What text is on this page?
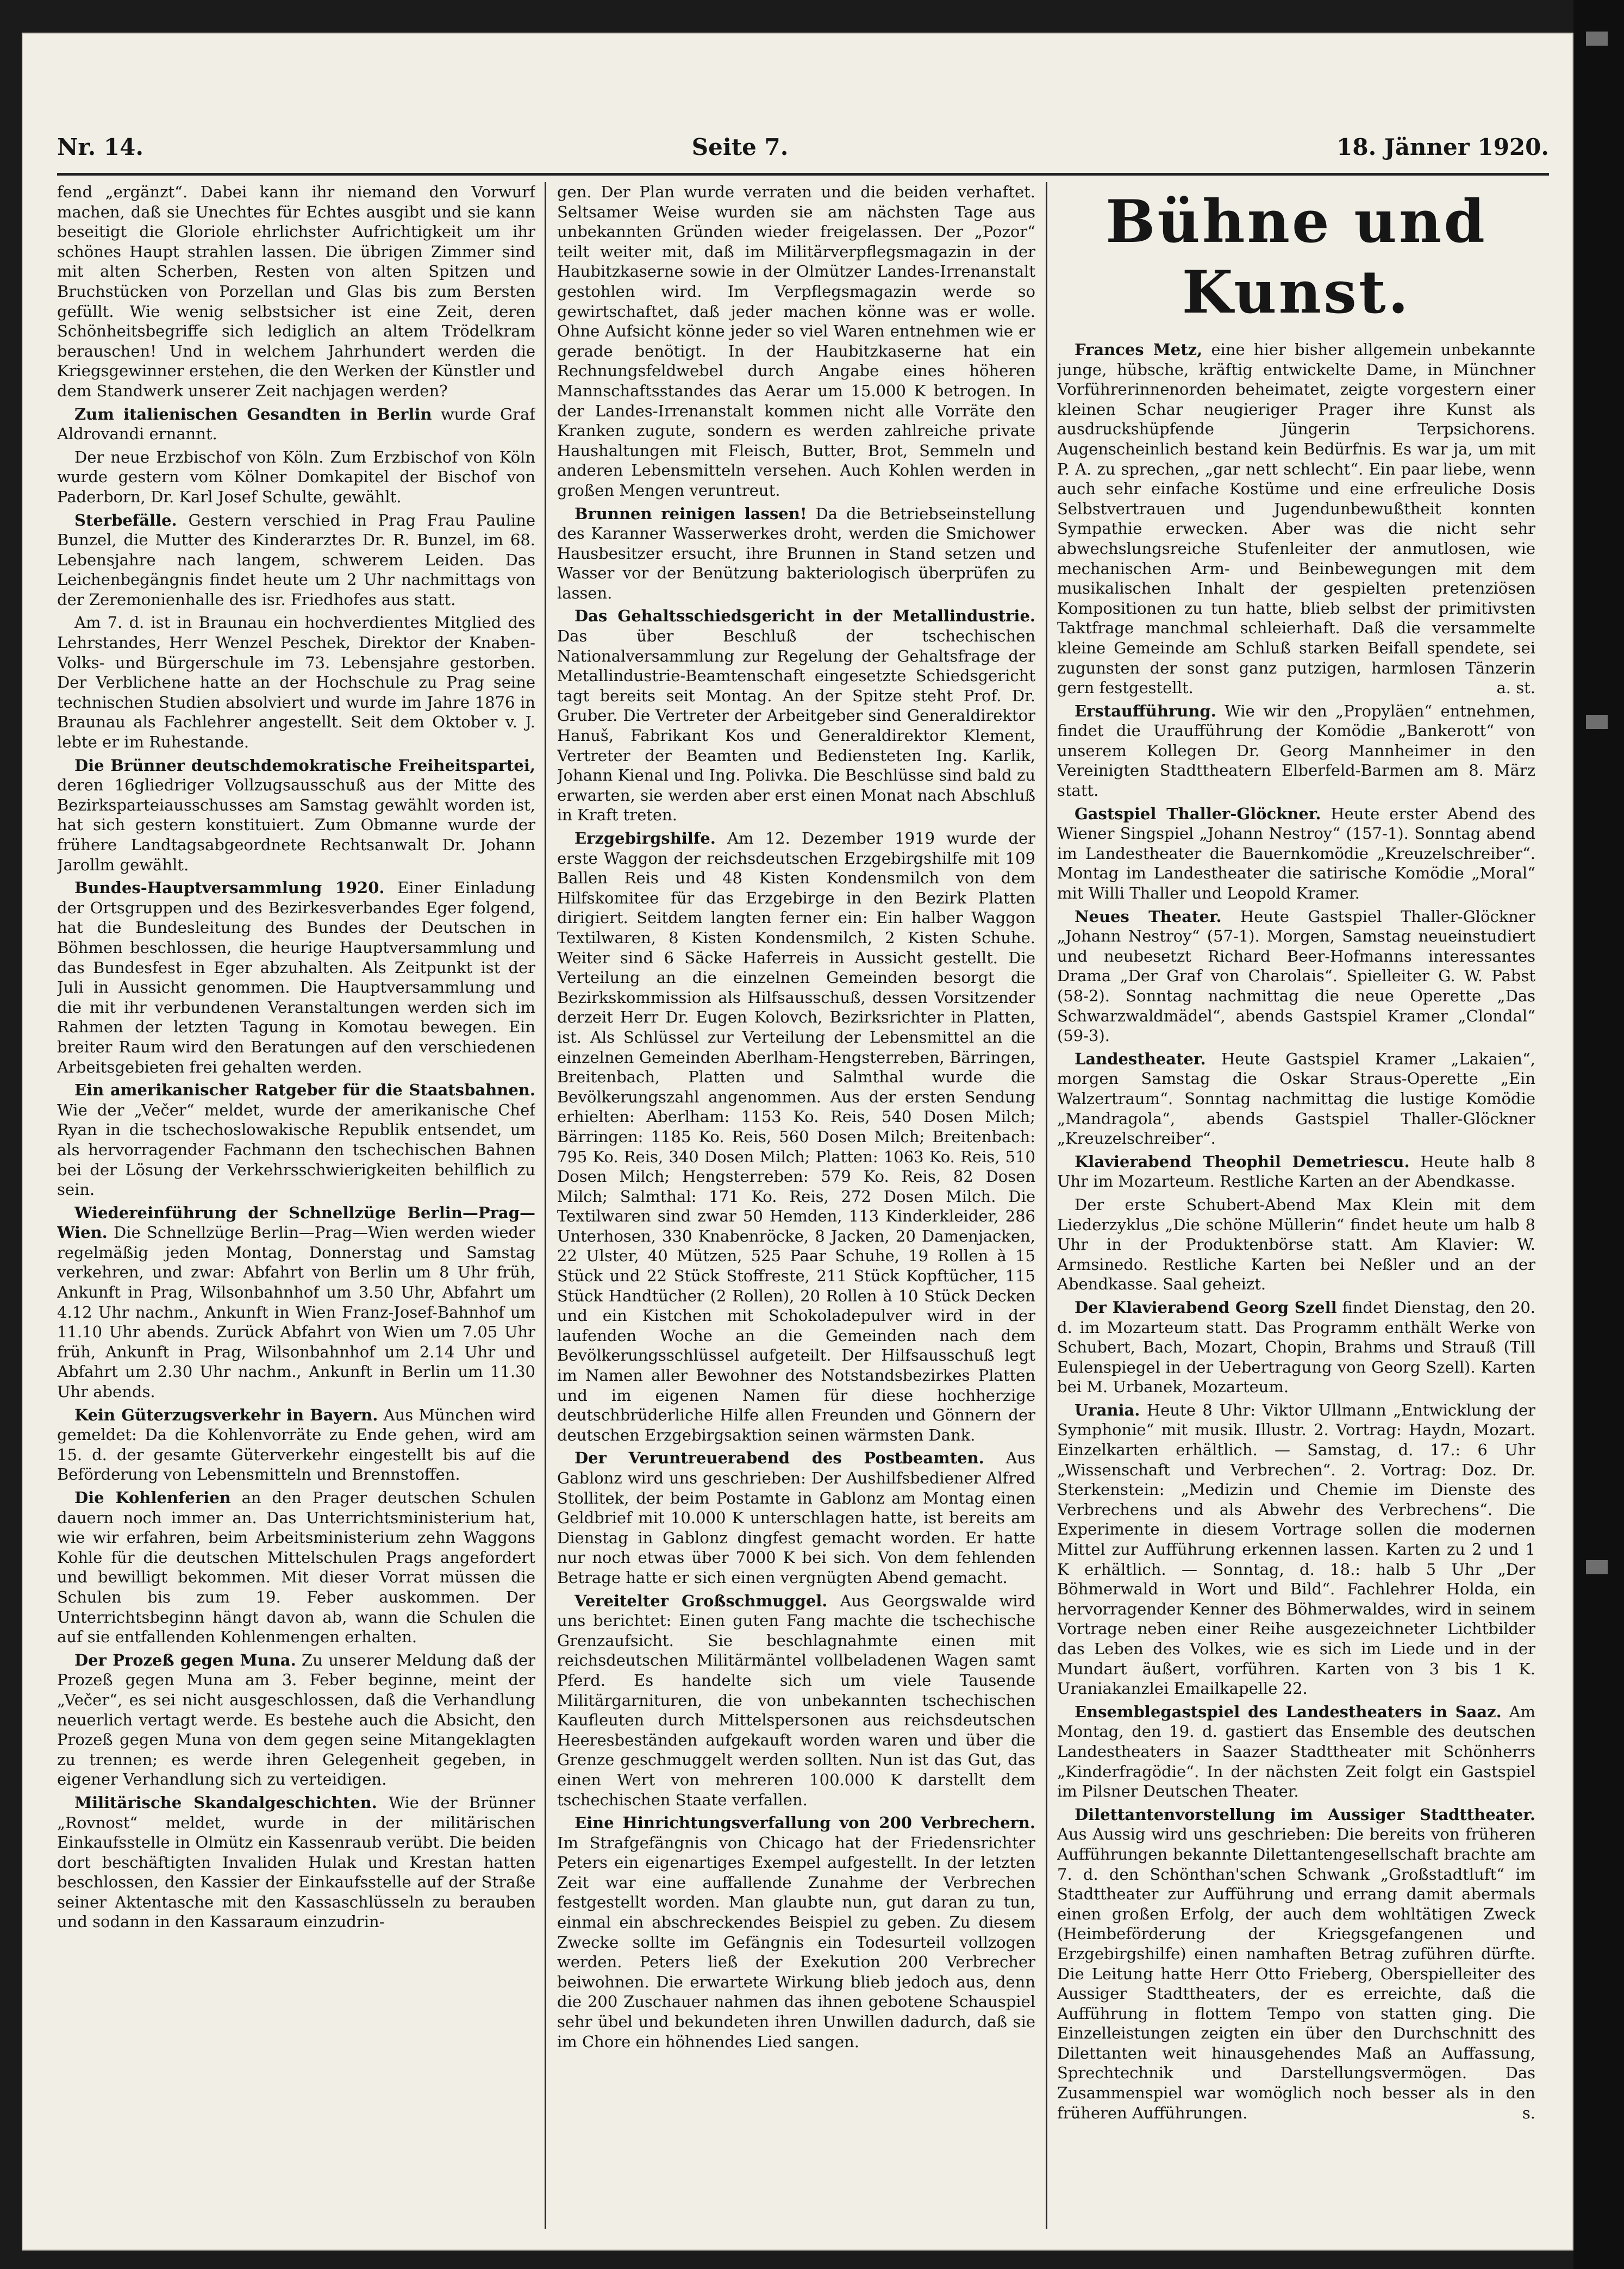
Nr. 14.	Seite 7.	18. Jänner 1920.

fend „ergänzt“. Dabei kann ihr niemand den Vorwurf machen, daß sie Unechtes für Echtes ausgibt und sie kann beseitigt die Gloriole ehrlichster Aufrichtigkeit um ihr schönes Haupt strahlen lassen. Die übrigen Zimmer sind mit alten Scherben, Resten von alten Spitzen und Bruchstücken von Porzellan und Glas bis zum Bersten gefüllt. Wie wenig selbstsicher ist eine Zeit, deren Schönheitsbegriffe sich lediglich an altem Trödelkram berauschen! Und in welchem Jahrhundert werden die Kriegsgewinner erstehen, die den Werken der Künstler und dem Standwerk unserer Zeit nachjagen werden?

Zum italienischen Gesandten in Berlin wurde Graf Aldrovandi ernannt.

Der neue Erzbischof von Köln. Zum Erzbischof von Köln wurde gestern vom Kölner Domkapitel der Bischof von Paderborn, Dr. Karl Josef Schulte, gewählt.

Sterbefälle. Gestern verschied in Prag Frau Pauline Bunzel, die Mutter des Kinderarztes Dr. R. Bunzel, im 68. Lebensjahre nach langem, schwerem Leiden. Das Leichenbegängnis findet heute um 2 Uhr nachmittags von der Zeremonienhalle des isr. Friedhofes aus statt.

Am 7. d. ist in Braunau ein hochverdientes Mitglied des Lehrstandes, Herr Wenzel Peschek, Direktor der Knaben-Volks- und Bürgerschule im 73. Lebensjahre gestorben. Der Verblichene hatte an der Hochschule zu Prag seine technischen Studien absolviert und wurde im Jahre 1876 in Braunau als Fachlehrer angestellt. Seit dem Oktober v. J. lebte er im Ruhestande.

Die Brünner deutschdemokratische Freiheitspartei, deren 16gliedriger Vollzugsausschuß aus der Mitte des Bezirksparteiausschusses am Samstag gewählt worden ist, hat sich gestern konstituiert. Zum Obmanne wurde der frühere Landtagsabgeordnete Rechtsanwalt Dr. Johann Jarollm gewählt.

Bundes-Hauptversammlung 1920. Einer Einladung der Ortsgruppen und des Bezirkesverbandes Eger folgend, hat die Bundesleitung des Bundes der Deutschen in Böhmen beschlossen, die heurige Hauptversammlung und das Bundesfest in Eger abzuhalten. Als Zeitpunkt ist der Juli in Aussicht genommen. Die Hauptversammlung und die mit ihr verbundenen Veranstaltungen werden sich im Rahmen der letzten Tagung in Komotau bewegen. Ein breiter Raum wird den Beratungen auf den verschiedenen Arbeitsgebieten frei gehalten werden.

Ein amerikanischer Ratgeber für die Staatsbahnen. Wie der „Večer“ meldet, wurde der amerikanische Chef Ryan in die tschechoslowakische Republik entsendet, um als hervorragender Fachmann den tschechischen Bahnen bei der Lösung der Verkehrsschwierigkeiten behilflich zu sein.

Wiedereinführung der Schnellzüge Berlin—Prag—Wien. Die Schnellzüge Berlin—Prag—Wien werden wieder regelmäßig jeden Montag, Donnerstag und Samstag verkehren, und zwar: Abfahrt von Berlin um 8 Uhr früh, Ankunft in Prag, Wilsonbahnhof um 3.50 Uhr, Abfahrt um 4.12 Uhr nachm., Ankunft in Wien Franz-Josef-Bahnhof um 11.10 Uhr abends. Zurück Abfahrt von Wien um 7.05 Uhr früh, Ankunft in Prag, Wilsonbahnhof um 2.14 Uhr und Abfahrt um 2.30 Uhr nachm., Ankunft in Berlin um 11.30 Uhr abends.

Kein Güterzugsverkehr in Bayern. Aus München wird gemeldet: Da die Kohlenvorräte zu Ende gehen, wird am 15. d. der gesamte Güterverkehr eingestellt bis auf die Beförderung von Lebensmitteln und Brennstoffen.

Die Kohlenferien an den Prager deutschen Schulen dauern noch immer an. Das Unterrichtsministerium hat, wie wir erfahren, beim Arbeitsministerium zehn Waggons Kohle für die deutschen Mittelschulen Prags angefordert und bewilligt bekommen. Mit dieser Vorrat müssen die Schulen bis zum 19. Feber auskommen. Der Unterrichtsbeginn hängt davon ab, wann die Schulen die auf sie entfallenden Kohlenmengen erhalten.

Der Prozeß gegen Muna. Zu unserer Meldung daß der Prozeß gegen Muna am 3. Feber beginne, meint der „Večer“, es sei nicht ausgeschlossen, daß die Verhandlung neuerlich vertagt werde. Es bestehe auch die Absicht, den Prozeß gegen Muna von dem gegen seine Mitangeklagten zu trennen; es werde ihren Gelegenheit gegeben, in eigener Verhandlung sich zu verteidigen.

Militärische Skandalgeschichten. Wie der Brünner „Rovnost“ meldet, wurde in der militärischen Einkaufsstelle in Olmütz ein Kassenraub verübt. Die beiden dort beschäftigten Invaliden Hulak und Krestan hatten beschlossen, den Kassier der Einkaufsstelle auf der Straße seiner Aktentasche mit den Kassaschlüsseln zu berauben und sodann in den Kassaraum einzudrin-

gen. Der Plan wurde verraten und die beiden verhaftet. Seltsamer Weise wurden sie am nächsten Tage aus unbekannten Gründen wieder freigelassen. Der „Pozor“ teilt weiter mit, daß im Militärverpflegsmagazin in der Haubitzkaserne sowie in der Olmützer Landes-Irrenanstalt gestohlen wird. Im Verpflegsmagazin werde so gewirtschaftet, daß jeder machen könne was er wolle. Ohne Aufsicht könne jeder so viel Waren entnehmen wie er gerade benötigt. In der Haubitzkaserne hat ein Rechnungsfeldwebel durch Angabe eines höheren Mannschaftsstandes das Aerar um 15.000 K betrogen. In der Landes-Irrenanstalt kommen nicht alle Vorräte den Kranken zugute, sondern es werden zahlreiche private Haushaltungen mit Fleisch, Butter, Brot, Semmeln und anderen Lebensmitteln versehen. Auch Kohlen werden in großen Mengen veruntreut.

Brunnen reinigen lassen! Da die Betriebseinstellung des Karanner Wasserwerkes droht, werden die Smichower Hausbesitzer ersucht, ihre Brunnen in Stand setzen und Wasser vor der Benützung bakteriologisch überprüfen zu lassen.

Das Gehaltsschiedsgericht in der Metallindustrie. Das über Beschluß der tschechischen Nationalversammlung zur Regelung der Gehaltsfrage der Metallindustrie-Beamtenschaft eingesetzte Schiedsgericht tagt bereits seit Montag. An der Spitze steht Prof. Dr. Gruber. Die Vertreter der Arbeitgeber sind Generaldirektor Hanuš, Fabrikant Kos und Generaldirektor Klement, Vertreter der Beamten und Bediensteten Ing. Karlik, Johann Kienal und Ing. Polivka. Die Beschlüsse sind bald zu erwarten, sie werden aber erst einen Monat nach Abschluß in Kraft treten.

Erzgebirgshilfe. Am 12. Dezember 1919 wurde der erste Waggon der reichsdeutschen Erzgebirgshilfe mit 109 Ballen Reis und 48 Kisten Kondensmilch von dem Hilfskomitee für das Erzgebirge in den Bezirk Platten dirigiert. Seitdem langten ferner ein: Ein halber Waggon Textilwaren, 8 Kisten Kondensmilch, 2 Kisten Schuhe. Weiter sind 6 Säcke Haferreis in Aussicht gestellt. Die Verteilung an die einzelnen Gemeinden besorgt die Bezirkskommission als Hilfsausschuß, dessen Vorsitzender derzeit Herr Dr. Eugen Kolovch, Bezirksrichter in Platten, ist. Als Schlüssel zur Verteilung der Lebensmittel an die einzelnen Gemeinden Aberlham-Hengsterreben, Bärringen, Breitenbach, Platten und Salmthal wurde die Bevölkerungszahl angenommen. Aus der ersten Sendung erhielten: Aberlham: 1153 Ko. Reis, 540 Dosen Milch; Bärringen: 1185 Ko. Reis, 560 Dosen Milch; Breitenbach: 795 Ko. Reis, 340 Dosen Milch; Platten: 1063 Ko. Reis, 510 Dosen Milch; Hengsterreben: 579 Ko. Reis, 82 Dosen Milch; Salmthal: 171 Ko. Reis, 272 Dosen Milch. Die Textilwaren sind zwar 50 Hemden, 113 Kinderkleider, 286 Unterhosen, 330 Knabenröcke, 8 Jacken, 20 Damenjacken, 22 Ulster, 40 Mützen, 525 Paar Schuhe, 19 Rollen à 15 Stück und 22 Stück Stoffreste, 211 Stück Kopftücher, 115 Stück Handtücher (2 Rollen), 20 Rollen à 10 Stück Decken und ein Kistchen mit Schokoladepulver wird in der laufenden Woche an die Gemeinden nach dem Bevölkerungsschlüssel aufgeteilt. Der Hilfsausschuß legt im Namen aller Bewohner des Notstandsbezirkes Platten und im eigenen Namen für diese hochherzige deutschbrüderliche Hilfe allen Freunden und Gönnern der deutschen Erzgebirgsaktion seinen wärmsten Dank.

Der Veruntreuerabend des Postbeamten. Aus Gablonz wird uns geschrieben: Der Aushilfsbediener Alfred Stollitek, der beim Postamte in Gablonz am Montag einen Geldbrief mit 10.000 K unterschlagen hatte, ist bereits am Dienstag in Gablonz dingfest gemacht worden. Er hatte nur noch etwas über 7000 K bei sich. Von dem fehlenden Betrage hatte er sich einen vergnügten Abend gemacht.

Vereitelter Großschmuggel. Aus Georgswalde wird uns berichtet: Einen guten Fang machte die tschechische Grenzaufsicht. Sie beschlagnahmte einen mit reichsdeutschen Militärmäntel vollbeladenen Wagen samt Pferd. Es handelte sich um viele Tausende Militärgarnituren, die von unbekannten tschechischen Kaufleuten durch Mittelspersonen aus reichsdeutschen Heeresbeständen aufgekauft worden waren und über die Grenze geschmuggelt werden sollten. Nun ist das Gut, das einen Wert von mehreren 100.000 K darstellt dem tschechischen Staate verfallen.

Eine Hinrichtungsverfallung von 200 Verbrechern. Im Strafgefängnis von Chicago hat der Friedensrichter Peters ein eigenartiges Exempel aufgestellt. In der letzten Zeit war eine auffallende Zunahme der Verbrechen festgestellt worden. Man glaubte nun, gut daran zu tun, einmal ein abschreckendes Beispiel zu geben. Zu diesem Zwecke sollte im Gefängnis ein Todesurteil vollzogen werden. Peters ließ der Exekution 200 Verbrecher beiwohnen. Die erwartete Wirkung blieb jedoch aus, denn die 200 Zuschauer nahmen das ihnen gebotene Schauspiel sehr übel und bekundeten ihren Unwillen dadurch, daß sie im Chore ein höhnendes Lied sangen.

Bühne und Kunst.

Frances Metz, eine hier bisher allgemein unbekannte junge, hübsche, kräftig entwickelte Dame, in Münchner Vorführerinnenorden beheimatet, zeigte vorgestern einer kleinen Schar neugieriger Prager ihre Kunst als ausdruckshüpfende Jüngerin Terpsichorens. Augenscheinlich bestand kein Bedürfnis. Es war ja, um mit P. A. zu sprechen, „gar nett schlecht“. Ein paar liebe, wenn auch sehr einfache Kostüme und eine erfreuliche Dosis Selbstvertrauen und Jugendunbewußtheit konnten Sympathie erwecken. Aber was die nicht sehr abwechslungsreiche Stufenleiter der anmutlosen, wie mechanischen Arm- und Beinbewegungen mit dem musikalischen Inhalt der gespielten pretenziösen Kompositionen zu tun hatte, blieb selbst der primitivsten Taktfrage manchmal schleierhaft. Daß die versammelte kleine Gemeinde am Schluß starken Beifall spendete, sei zugunsten der sonst ganz putzigen, harmlosen Tänzerin gern festgestellt.	a. st.

Erstaufführung. Wie wir den „Propyläen“ entnehmen, findet die Uraufführung der Komödie „Bankerott“ von unserem Kollegen Dr. Georg Mannheimer in den Vereinigten Stadttheatern Elberfeld-Barmen am 8. März statt.

Gastspiel Thaller-Glöckner. Heute erster Abend des Wiener Singspiel „Johann Nestroy“ (157-1). Sonntag abend im Landestheater die Bauernkomödie „Kreuzelschreiber“. Montag im Landestheater die satirische Komödie „Moral“ mit Willi Thaller und Leopold Kramer.

Neues Theater. Heute Gastspiel Thaller-Glöckner „Johann Nestroy“ (57-1). Morgen, Samstag neueinstudiert und neubesetzt Richard Beer-Hofmanns interessantes Drama „Der Graf von Charolais“. Spielleiter G. W. Pabst (58-2). Sonntag nachmittag die neue Operette „Das Schwarzwaldmädel“, abends Gastspiel Kramer „Clondal“ (59-3).

Landestheater. Heute Gastspiel Kramer „Lakaien“, morgen Samstag die Oskar Straus-Operette „Ein Walzertraum“. Sonntag nachmittag die lustige Komödie „Mandragola“, abends Gastspiel Thaller-Glöckner „Kreuzelschreiber“.

Klavierabend Theophil Demetriescu. Heute halb 8 Uhr im Mozarteum. Restliche Karten an der Abendkasse.

Der erste Schubert-Abend Max Klein mit dem Liederzyklus „Die schöne Müllerin“ findet heute um halb 8 Uhr in der Produktenbörse statt. Am Klavier: W. Armsinedo. Restliche Karten bei Neßler und an der Abendkasse. Saal geheizt.

Der Klavierabend Georg Szell findet Dienstag, den 20. d. im Mozarteum statt. Das Programm enthält Werke von Schubert, Bach, Mozart, Chopin, Brahms und Strauß (Till Eulenspiegel in der Uebertragung von Georg Szell). Karten bei M. Urbanek, Mozarteum.

Urania. Heute 8 Uhr: Viktor Ullmann „Entwicklung der Symphonie“ mit musik. Illustr. 2. Vortrag: Haydn, Mozart. Einzelkarten erhältlich. — Samstag, d. 17.: 6 Uhr „Wissenschaft und Verbrechen“. 2. Vortrag: Doz. Dr. Sterkenstein: „Medizin und Chemie im Dienste des Verbrechens und als Abwehr des Verbrechens“. Die Experimente in diesem Vortrage sollen die modernen Mittel zur Aufführung erkennen lassen. Karten zu 2 und 1 K erhältlich. — Sonntag, d. 18.: halb 5 Uhr „Der Böhmerwald in Wort und Bild“. Fachlehrer Holda, ein hervorragender Kenner des Böhmerwaldes, wird in seinem Vortrage neben einer Reihe ausgezeichneter Lichtbilder das Leben des Volkes, wie es sich im Liede und in der Mundart äußert, vorführen. Karten von 3 bis 1 K. Uraniakanzlei Emailkapelle 22.

Ensemblegastspiel des Landestheaters in Saaz. Am Montag, den 19. d. gastiert das Ensemble des deutschen Landestheaters in Saazer Stadttheater mit Schönherrs „Kinderfragödie“. In der nächsten Zeit folgt ein Gastspiel im Pilsner Deutschen Theater.

Dilettantenvorstellung im Aussiger Stadttheater. Aus Aussig wird uns geschrieben: Die bereits von früheren Aufführungen bekannte Dilettantengesellschaft brachte am 7. d. den Schönthan'schen Schwank „Großstadtluft“ im Stadttheater zur Aufführung und errang damit abermals einen großen Erfolg, der auch dem wohltätigen Zweck (Heimbeförderung der Kriegsgefangenen und Erzgebirgshilfe) einen namhaften Betrag zuführen dürfte. Die Leitung hatte Herr Otto Frieberg, Oberspielleiter des Aussiger Stadttheaters, der es erreichte, daß die Aufführung in flottem Tempo von statten ging. Die Einzelleistungen zeigten ein über den Durchschnitt des Dilettanten weit hinausgehendes Maß an Auffassung, Sprechtechnik und Darstellungsvermögen. Das Zusammenspiel war womöglich noch besser als in den früheren Aufführungen.	s.
